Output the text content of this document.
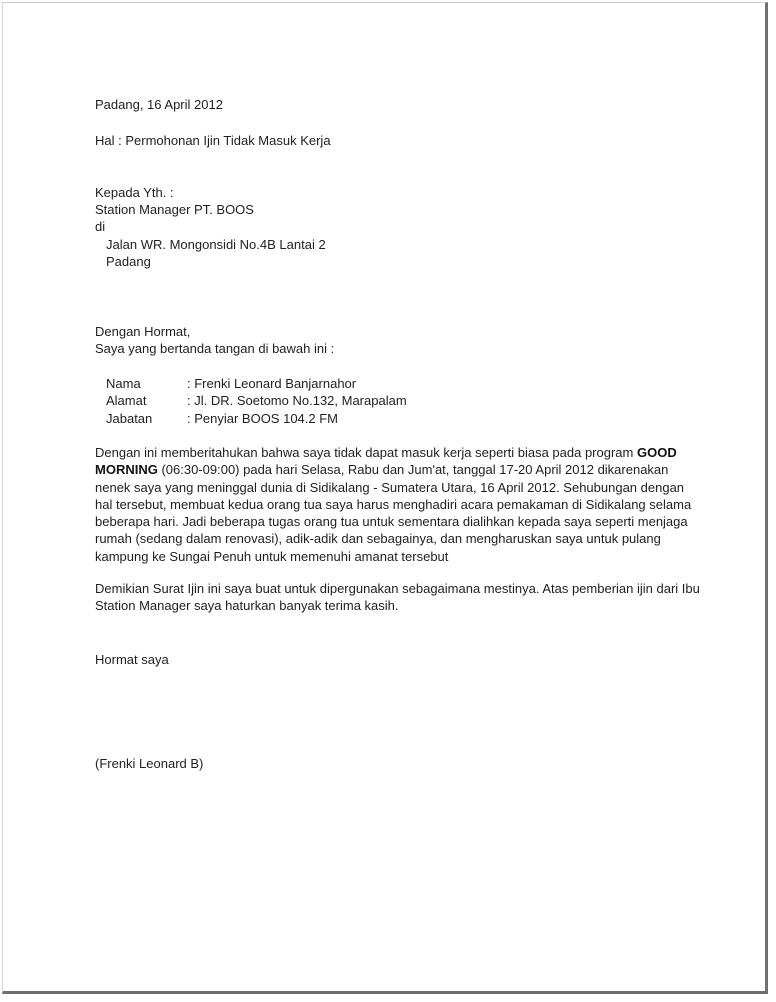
Padang, 16 April 2012
Hal : Permohonan Ijin Tidak Masuk Kerja
Kepada Yth. :
Station Manager PT. BOOS
di
Jalan WR. Mongonsidi No.4B Lantai 2
Padang
Dengan Hormat,
Saya yang bertanda tangan di bawah ini :
Nama	: Frenki Leonard Banjarnahor
Alamat	: Jl. DR. Soetomo No.132, Marapalam
Jabatan	: Penyiar BOOS 104.2 FM
Dengan ini memberitahukan bahwa saya tidak dapat masuk kerja seperti biasa pada program GOOD MORNING (06:30-09:00) pada hari Selasa, Rabu dan Jum'at, tanggal 17-20 April 2012 dikarenakan nenek saya yang meninggal dunia di Sidikalang - Sumatera Utara, 16 April 2012. Sehubungan dengan hal tersebut, membuat kedua orang tua saya harus menghadiri acara pemakaman di Sidikalang selama beberapa hari. Jadi beberapa tugas orang tua untuk sementara dialihkan kepada saya seperti menjaga rumah (sedang dalam renovasi), adik-adik dan sebagainya, dan mengharuskan saya untuk pulang kampung ke Sungai Penuh untuk memenuhi amanat tersebut
Demikian Surat Ijin ini saya buat untuk dipergunakan sebagaimana mestinya. Atas pemberian ijin dari Ibu Station Manager saya haturkan banyak terima kasih.
Hormat saya
(Frenki Leonard B)
